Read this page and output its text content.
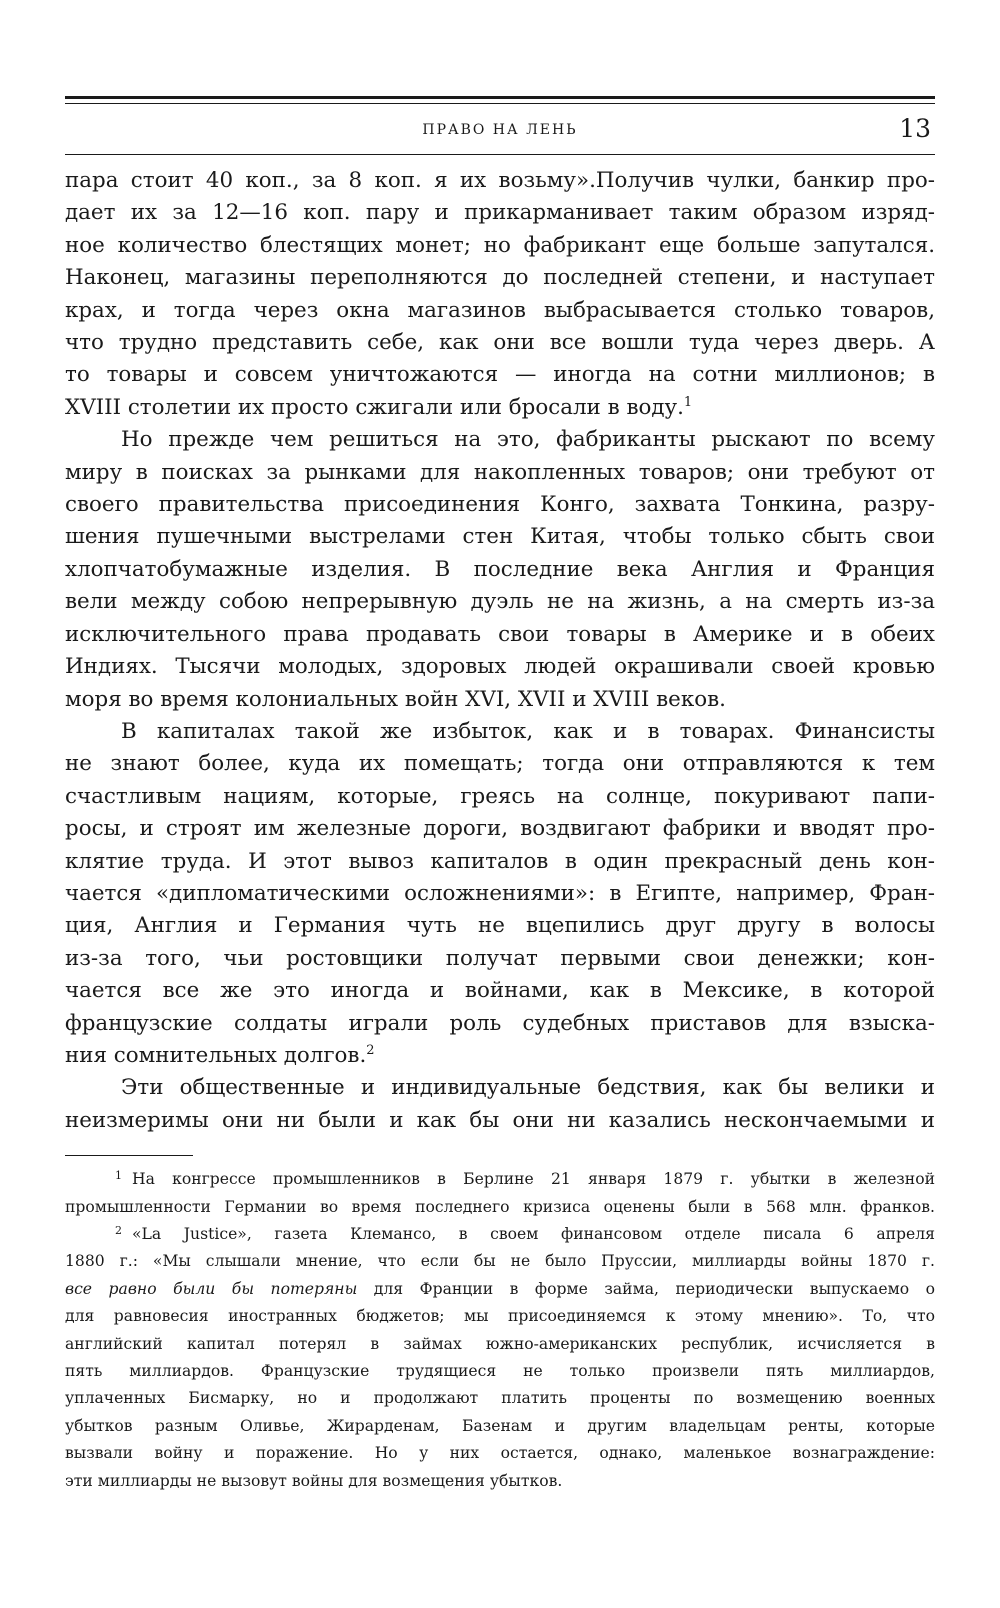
ПРАВО НА ЛЕНЬ	13
пара стоит 40 коп., за 8 коп. я их возьму».Получив чулки, банкир про-
дает их за 12—16 коп. пару и прикарманивает таким образом изряд-
ное количество блестящих монет; но фабрикант еще больше запутался.
Наконец, магазины переполняются до последней степени, и наступает
крах, и тогда через окна магазинов выбрасывается столько товаров,
что трудно представить себе, как они все вошли туда через дверь. А
то товары и совсем уничтожаются — иногда на сотни миллионов; в
XVIII столетии их просто сжигали или бросали в воду.$^1$
Но прежде чем решиться на это, фабриканты рыскают по всему
миру в поисках за рынками для накопленных товаров; они требуют от
своего правительства присоединения Конго, захвата Тонкина, разру-
шения пушечными выстрелами стен Китая, чтобы только сбыть свои
хлопчатобумажные изделия. В последние века Англия и Франция
вели между собою непрерывную дуэль не на жизнь, а на смерть из-за
исключительного права продавать свои товары в Америке и в обеих
Индиях. Тысячи молодых, здоровых людей окрашивали своей кровью
моря во время колониальных войн XVI, XVII и XVIII веков.
В капиталах такой же избыток, как и в товарах. Финансисты
не знают более, куда их помещать; тогда они отправляются к тем
счастливым нациям, которые, греясь на солнце, покуривают папи-
росы, и строят им железные дороги, воздвигают фабрики и вводят про-
клятие труда. И этот вывоз капиталов в один прекрасный день кон-
чается «дипломатическими осложнениями»: в Египте, например, Фран-
ция, Англия и Германия чуть не вцепились друг другу в волосы
из-за того, чьи ростовщики получат первыми свои денежки; кон-
чается все же это иногда и войнами, как в Мексике, в которой
французские солдаты играли роль судебных приставов для взыска-
ния сомнительных долгов.$^2$
Эти общественные и индивидуальные бедствия, как бы велики и
неизмеримы они ни были и как бы они ни казались нескончаемыми и
$^1$ На конгрессе промышленников в Берлине 21 января 1879 г. убытки в железной
промышленности Германии во время последнего кризиса оценены были в 568 млн. франков.
$^2$ «La Justice», газета Клемансо, в своем финансовом отделе писала 6 апреля
1880 г.: «Мы слышали мнение, что если бы не было Пруссии, миллиарды войны 1870 г.
все равно были бы потеряны для Франции в форме займа, периодически выпускаемо о
для равновесия иностранных бюджетов; мы присоединяемся к этому мнению». То, что
английский капитал потерял в займах южно-американских республик, исчисляется в
пять миллиардов. Французские трудящиеся не только произвели пять миллиардов,
уплаченных Бисмарку, но и продолжают платить проценты по возмещению военных
убытков разным Оливье, Жирарденам, Базенам и другим владельцам ренты, которые
вызвали войну и поражение. Но у них остается, однако, маленькое вознаграждение:
эти миллиарды не вызовут войны для возмещения убытков.
